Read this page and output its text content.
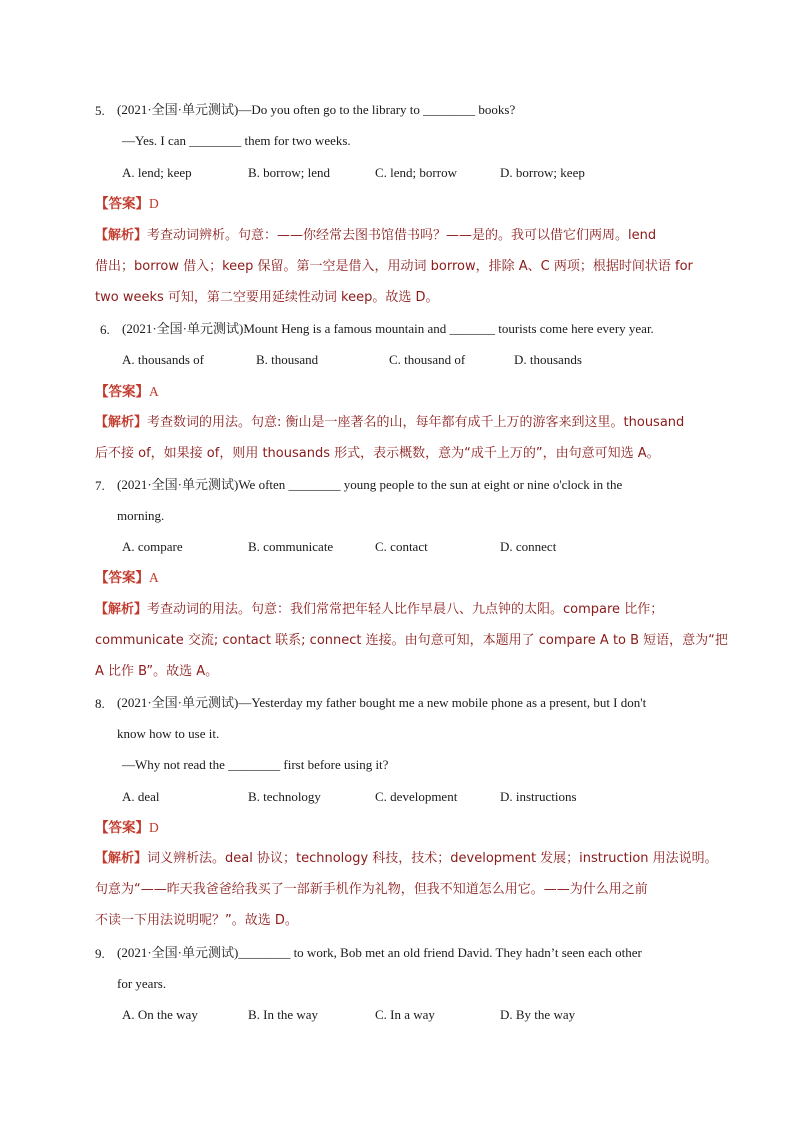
5. (2021·全国·单元测试)—Do you often go to the library to ________ books?
—Yes. I can ________ them for two weeks.
A. lend; keep	B. borrow; lend	C. lend; borrow	D. borrow; keep
【答案】D
【解析】考查动词辨析。句意：——你经常去图书馆借书吗？——是的。我可以借它们两周。lend
借出；borrow 借入；keep 保留。第一空是借入，用动词 borrow，排除 A、C 两项；根据时间状语 for
two weeks 可知，第二空要用延续性动词 keep。故选 D。
6. (2021·全国·单元测试)Mount Heng is a famous mountain and _______ tourists come here every year.
A. thousands of	B. thousand	C. thousand of	D. thousands
【答案】A
【解析】考查数词的用法。句意: 衡山是一座著名的山，每年都有成千上万的游客来到这里。thousand
后不接 of，如果接 of，则用 thousands 形式，表示概数，意为“成千上万的”，由句意可知选 A。
7. (2021·全国·单元测试)We often ________ young people to the sun at eight or nine o'clock in the
morning.
A. compare	B. communicate	C. contact	D. connect
【答案】A
【解析】考查动词的用法。句意：我们常常把年轻人比作早晨八、九点钟的太阳。compare 比作；
communicate 交流; contact 联系; connect 连接。由句意可知，本题用了 compare A to B 短语，意为“把
A 比作 B”。故选 A。
8. (2021·全国·单元测试)—Yesterday my father bought me a new mobile phone as a present, but I don't
know how to use it.
—Why not read the ________ first before using it?
A. deal	B. technology	C. development	D. instructions
【答案】D
【解析】词义辨析法。deal 协议；technology 科技，技术；development 发展；instruction 用法说明。
句意为“——昨天我爸爸给我买了一部新手机作为礼物，但我不知道怎么用它。——为什么用之前
不读一下用法说明呢？”。故选 D。
9. (2021·全国·单元测试)________ to work, Bob met an old friend David. They hadn’t seen each other
for years.
A. On the way	B. In the way	C. In a way	D. By the way
